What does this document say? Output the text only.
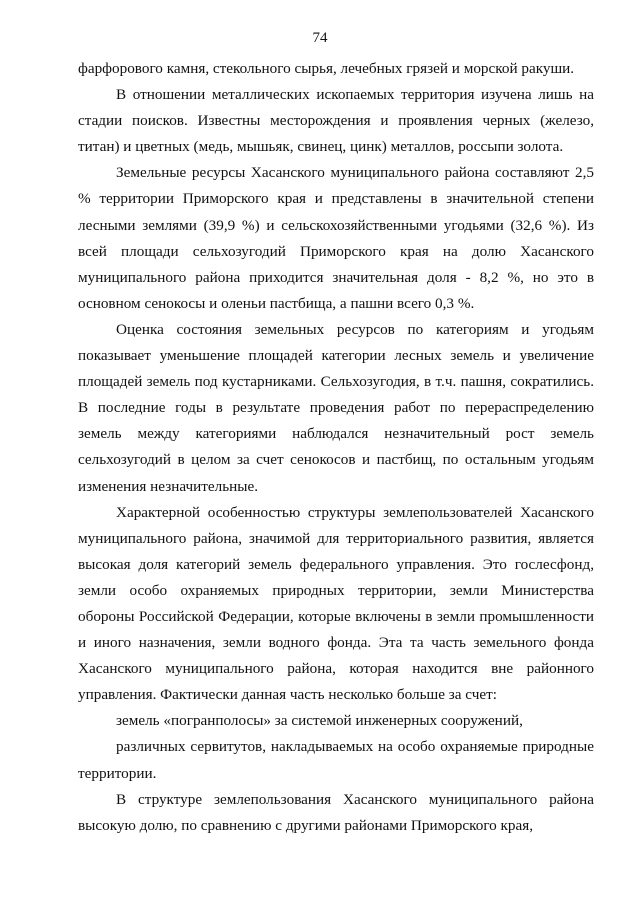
74

фарфорового камня, стекольного сырья, лечебных грязей и морской ракуши.

В отношении металлических ископаемых территория изучена лишь на стадии поисков. Известны месторождения и проявления черных (железо, титан) и цветных (медь, мышьяк, свинец, цинк) металлов, россыпи золота.

Земельные ресурсы Хасанского муниципального района составляют 2,5 % территории Приморского края и представлены в значительной степени лесными землями (39,9 %) и сельскохозяйственными угодьями (32,6 %). Из всей площади сельхозугодий Приморского края на долю Хасанского муниципального района приходится значительная доля - 8,2 %, но это в основном сенокосы и оленьи пастбища, а пашни всего 0,3 %.

Оценка состояния земельных ресурсов по категориям и угодьям показывает уменьшение площадей категории лесных земель и увеличение площадей земель под кустарниками. Сельхозугодия, в т.ч. пашня, сократились. В последние годы в результате проведения работ по перераспределению земель между категориями наблюдался незначительный рост земель сельхозугодий в целом за счет сенокосов и пастбищ, по остальным угодьям изменения незначительные.

Характерной особенностью структуры землепользователей Хасанского муниципального района, значимой для территориального развития, является высокая доля категорий земель федерального управления. Это гослесфонд, земли особо охраняемых природных территории, земли Министерства обороны Российской Федерации, которые включены в земли промышленности и иного назначения, земли водного фонда. Эта та часть земельного фонда Хасанского муниципального района, которая находится вне районного управления. Фактически данная часть несколько больше за счет:

земель «погранполосы» за системой инженерных сооружений,

различных сервитутов, накладываемых на особо охраняемые природные территории.

В структуре землепользования Хасанского муниципального района высокую долю, по сравнению с другими районами Приморского края,
